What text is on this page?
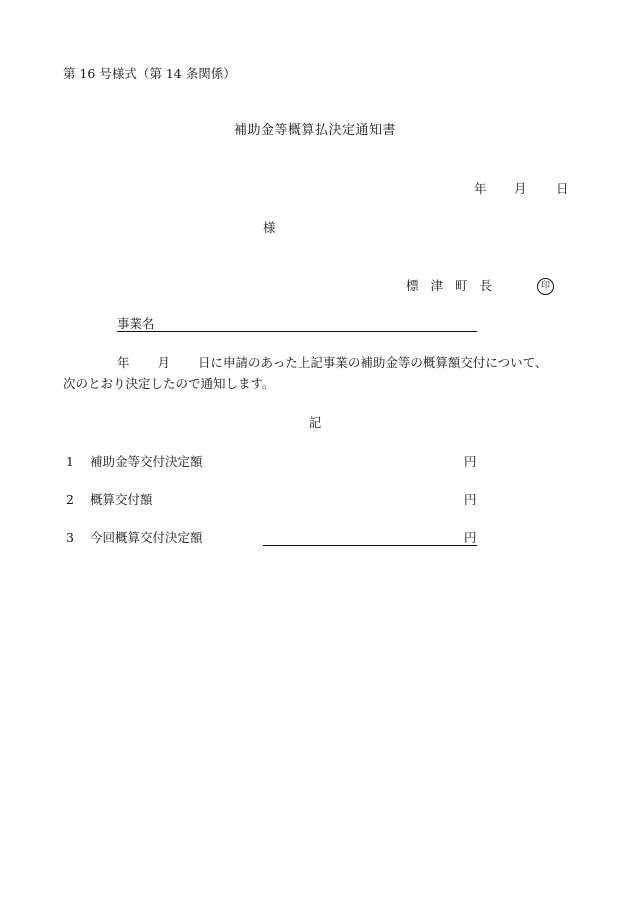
第 16 号様式（第 14 条関係）
補助金等概算払決定通知書
年 月 日
様
標津町長	印
事業名
年 月 日に申請のあった上記事業の補助金等の概算額交付について、
次のとおり決定したので通知します。
記
1 補助金等交付決定額	円
2 概算交付額	円
3 今回概算交付決定額	円
